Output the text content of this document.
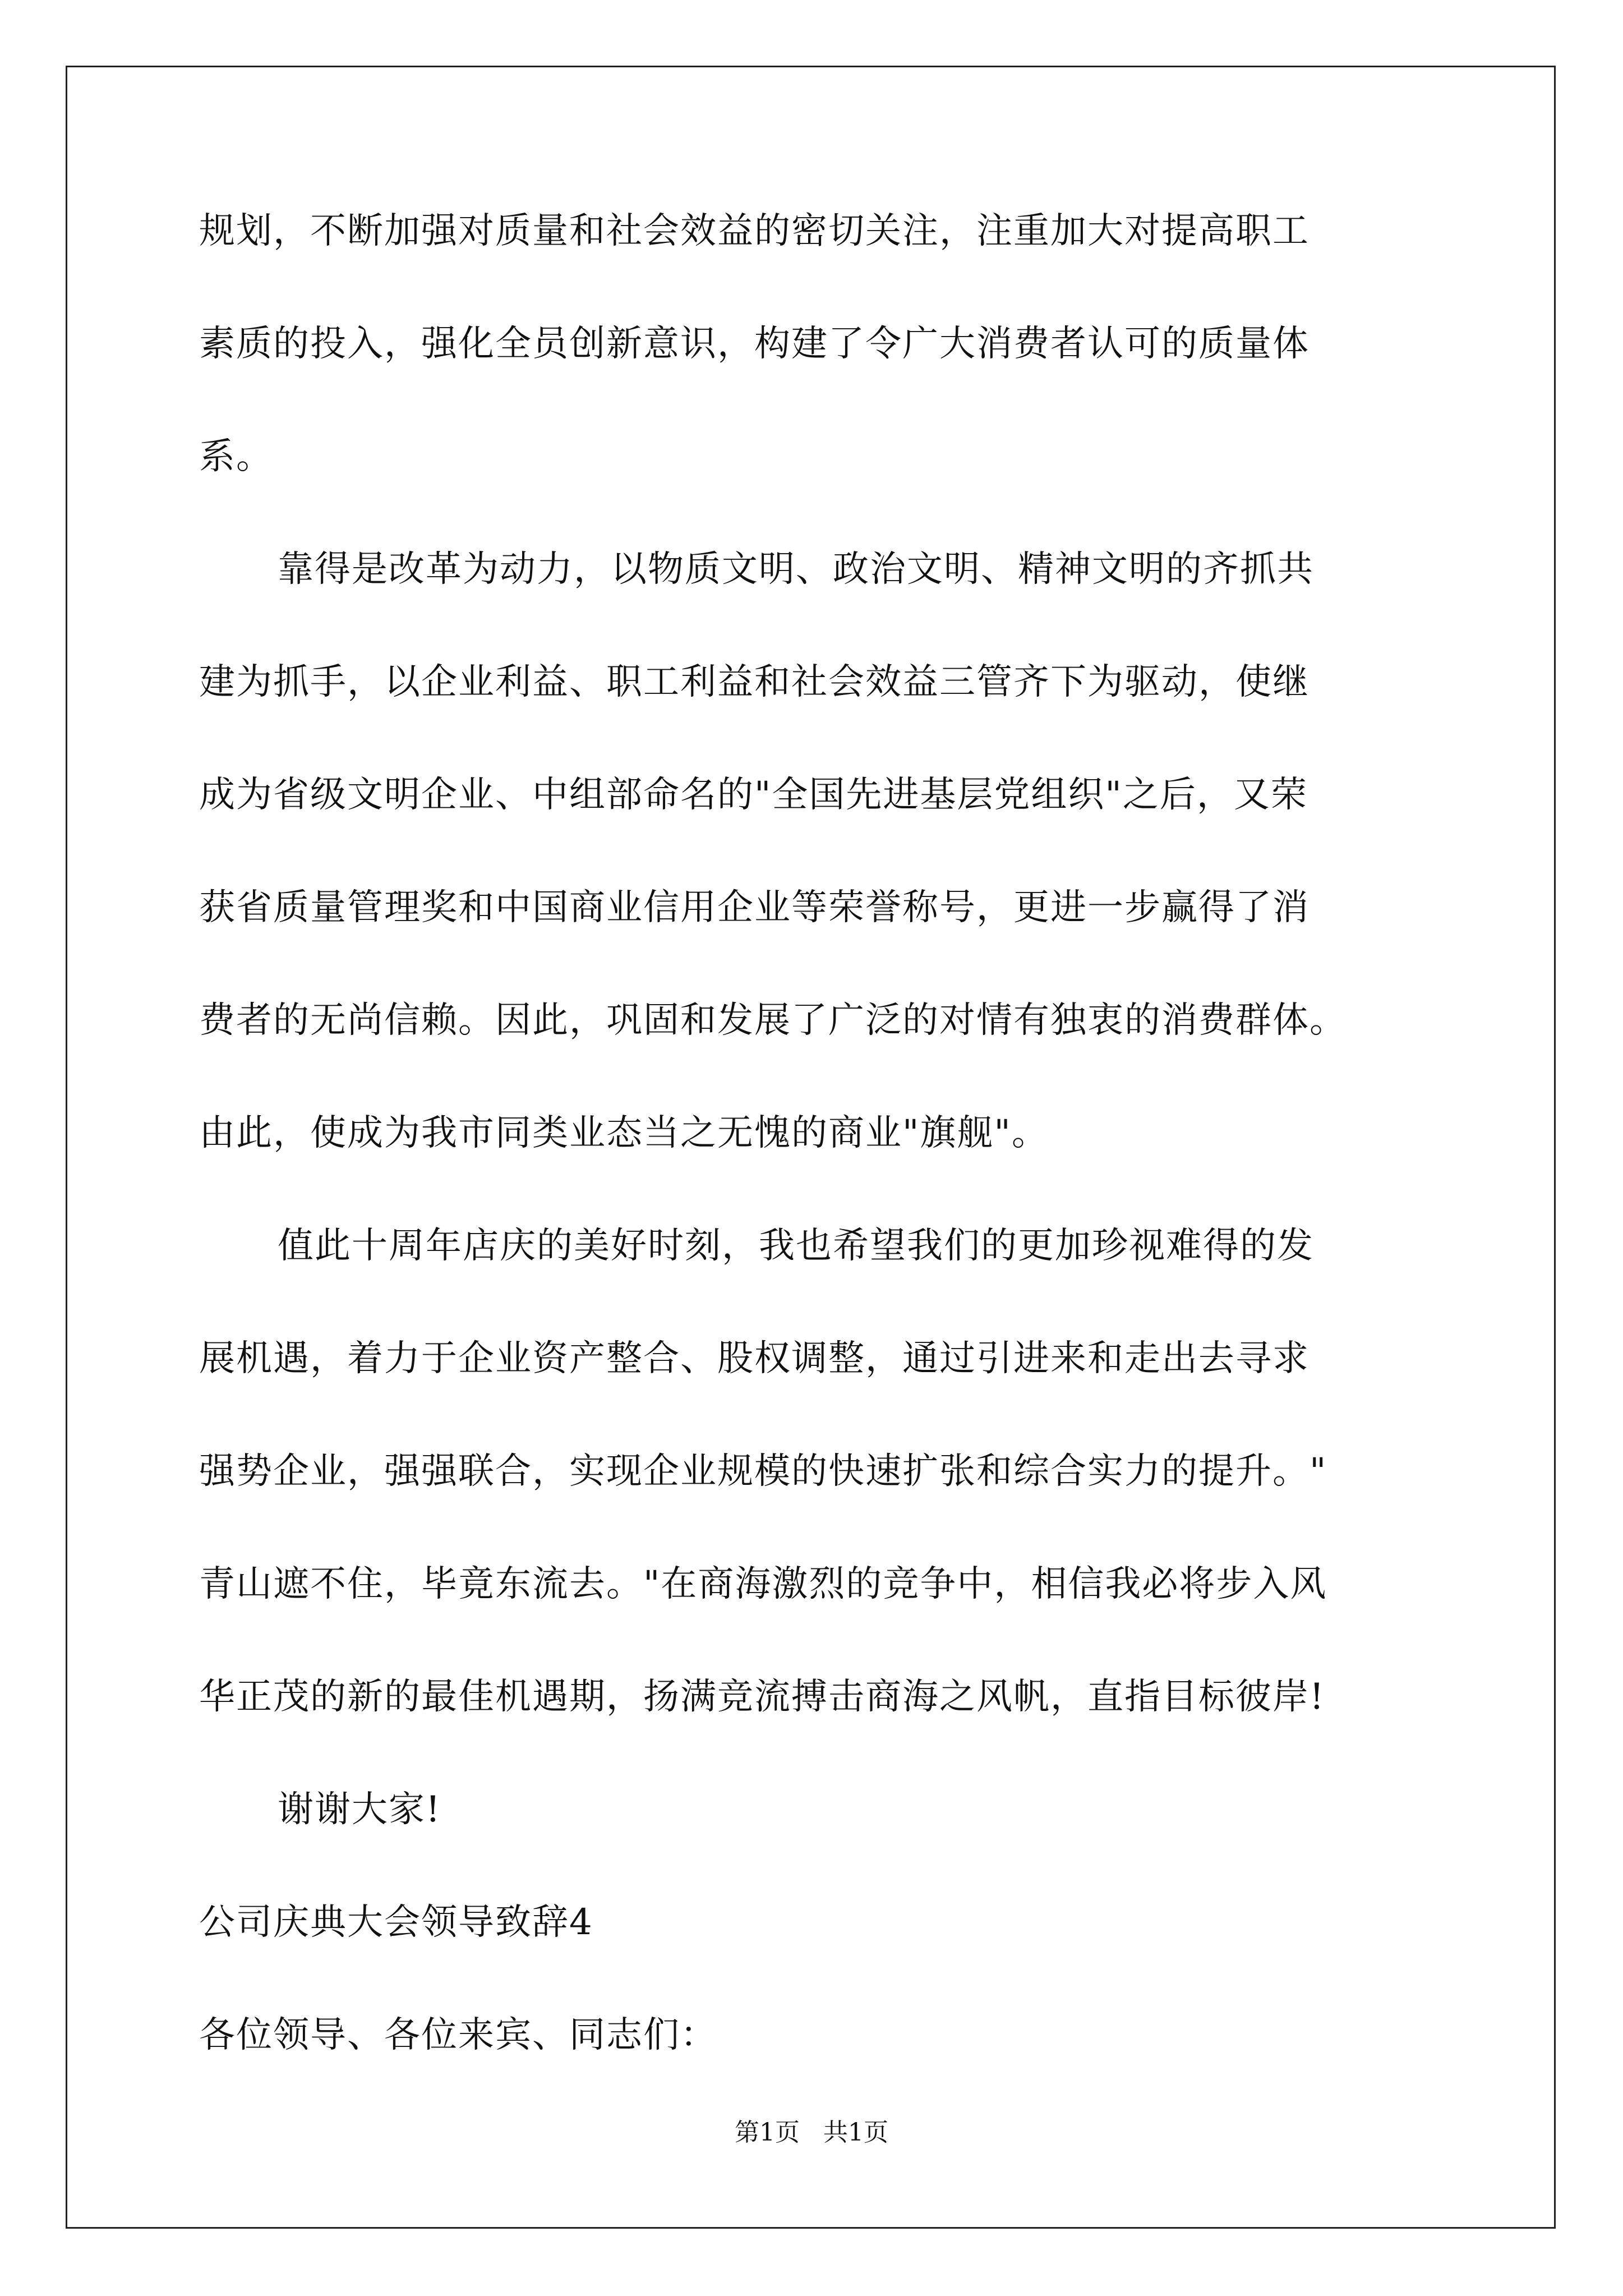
规划，不断加强对质量和社会效益的密切关注，注重加大对提高职工
素质的投入，强化全员创新意识，构建了令广大消费者认可的质量体
系。
靠得是改革为动力，以物质文明、政治文明、精神文明的齐抓共
建为抓手，以企业利益、职工利益和社会效益三管齐下为驱动，使继
成为省级文明企业、中组部命名的"全国先进基层党组织"之后，又荣
获省质量管理奖和中国商业信用企业等荣誉称号，更进一步赢得了消
费者的无尚信赖。因此，巩固和发展了广泛的对情有独衷的消费群体。
由此，使成为我市同类业态当之无愧的商业"旗舰"。
值此十周年店庆的美好时刻，我也希望我们的更加珍视难得的发
展机遇，着力于企业资产整合、股权调整，通过引进来和走出去寻求
强势企业，强强联合，实现企业规模的快速扩张和综合实力的提升。"
青山遮不住，毕竟东流去。"在商海激烈的竞争中，相信我必将步入风
华正茂的新的最佳机遇期，扬满竞流搏击商海之风帆，直指目标彼岸!
谢谢大家!
公司庆典大会领导致辞4
各位领导、各位来宾、同志们：
第1页   共1页
